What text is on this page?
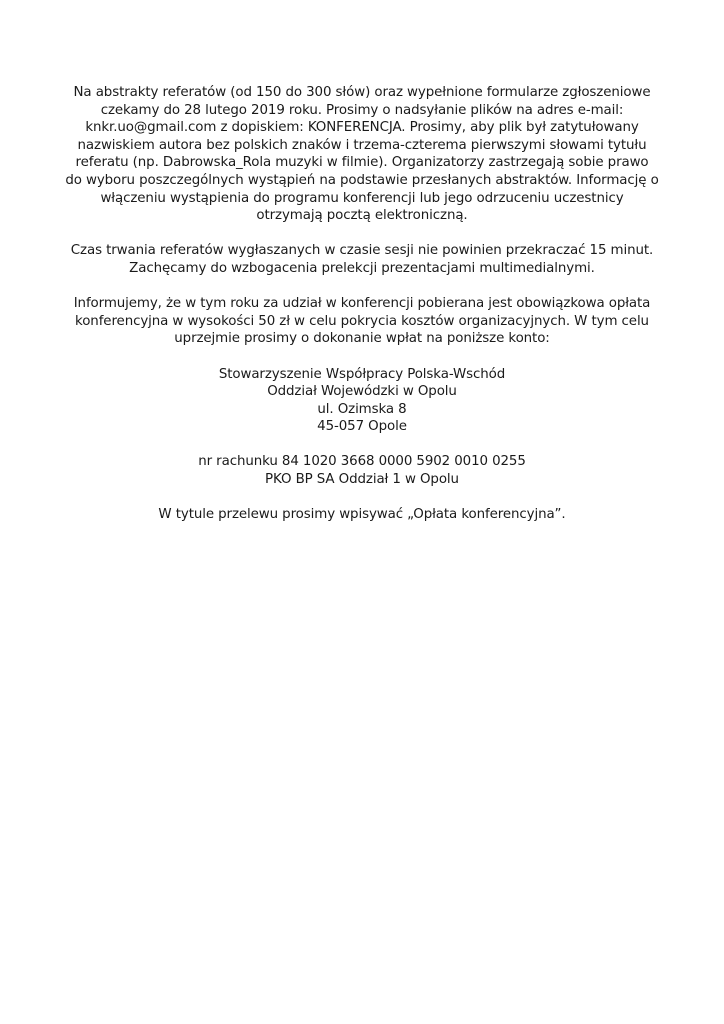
Na abstrakty referatów (od 150 do 300 słów) oraz wypełnione formularze zgłoszeniowe
czekamy do 28 lutego 2019 roku. Prosimy o nadsyłanie plików na adres e-mail:
knkr.uo@gmail.com z dopiskiem: KONFERENCJA. Prosimy, aby plik był zatytułowany
nazwiskiem autora bez polskich znaków i trzema-czterema pierwszymi słowami tytułu
referatu (np. Dabrowska_Rola muzyki w filmie). Organizatorzy zastrzegają sobie prawo
do wyboru poszczególnych wystąpień na podstawie przesłanych abstraktów. Informację o
włączeniu wystąpienia do programu konferencji lub jego odrzuceniu uczestnicy
otrzymają pocztą elektroniczną.

Czas trwania referatów wygłaszanych w czasie sesji nie powinien przekraczać 15 minut.
Zachęcamy do wzbogacenia prelekcji prezentacjami multimedialnymi.

Informujemy, że w tym roku za udział w konferencji pobierana jest obowiązkowa opłata
konferencyjna w wysokości 50 zł w celu pokrycia kosztów organizacyjnych. W tym celu
uprzejmie prosimy o dokonanie wpłat na poniższe konto:

Stowarzyszenie Współpracy Polska-Wschód
Oddział Wojewódzki w Opolu
ul. Ozimska 8
45-057 Opole

nr rachunku 84 1020 3668 0000 5902 0010 0255
PKO BP SA Oddział 1 w Opolu

W tytule przelewu prosimy wpisywać „Opłata konferencyjna”.
